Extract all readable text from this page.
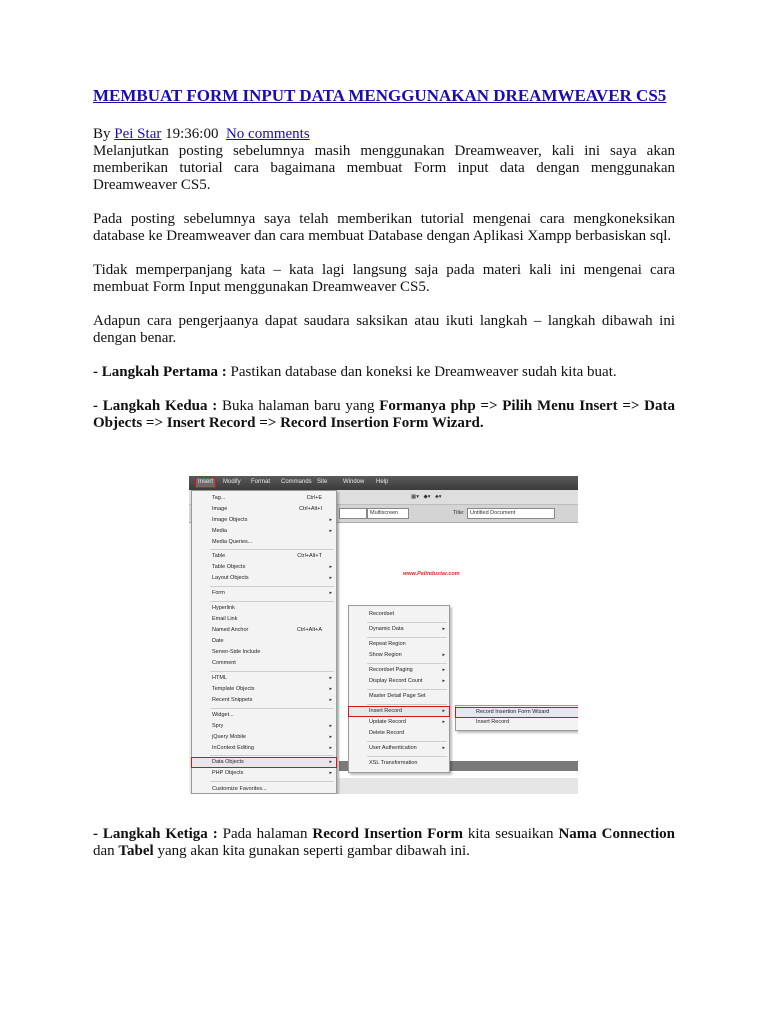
MEMBUAT FORM INPUT DATA MENGGUNAKAN DREAMWEAVER CS5
By Pei Star 19:36:00 No comments

Melanjutkan posting sebelumnya masih menggunakan Dreamweaver, kali ini saya akan memberikan tutorial cara bagaimana membuat Form input data dengan menggunakan Dreamweaver CS5.

Pada posting sebelumnya saya telah memberikan tutorial mengenai cara mengkoneksikan database ke Dreamweaver dan cara membuat Database dengan Aplikasi Xampp berbasiskan sql.

Tidak memperpanjang kata – kata lagi langsung saja pada materi kali ini mengenai cara membuat Form Input menggunakan Dreamweaver CS5.

Adapun cara pengerjaanya dapat saudara saksikan atau ikuti langkah – langkah dibawah ini dengan benar.

- Langkah Pertama : Pastikan database dan koneksi ke Dreamweaver sudah kita buat.

- Langkah Kedua : Buka halaman baru yang Formanya php => Pilih Menu Insert => Data Objects => Insert Record => Record Insertion Form Wizard.

Insert	Modify Format Commands Site	Window Help
▦▾   ◆▾   ♣▾
Multiscreen	Title: Untitled Document
www.Pelindustar.com
Tag...	Ctrl+E
Image	Ctrl+Alt+I
Image Objects	▸
Media	▸
Media Queries...
Table	Ctrl+Alt+T
Table Objects	▸
Layout Objects	▸
Form	▸
Hyperlink
Email Link
Named Anchor	Ctrl+Alt+A
Date
Server-Side Include
Comment
HTML	▸
Template Objects	▸
Recent Snippets	▸
Widget...
Spry	▸
jQuery Mobile	▸
InContext Editing	▸
Data Objects	▸
PHP Objects	▸
Customize Favorites...
Recordset
Dynamic Data	▸
Repeat Region
Show Region	▸
Recordset Paging	▸
Display Record Count	▸
Master Detail Page Set
Insert Record	▸
Update Record	▸
Delete Record
User Authentication	▸
XSL Transformation
Record Insertion Form Wizard
Insert Record

- Langkah Ketiga : Pada halaman Record Insertion Form kita sesuaikan Nama Connection dan Tabel yang akan kita gunakan seperti gambar dibawah ini.
